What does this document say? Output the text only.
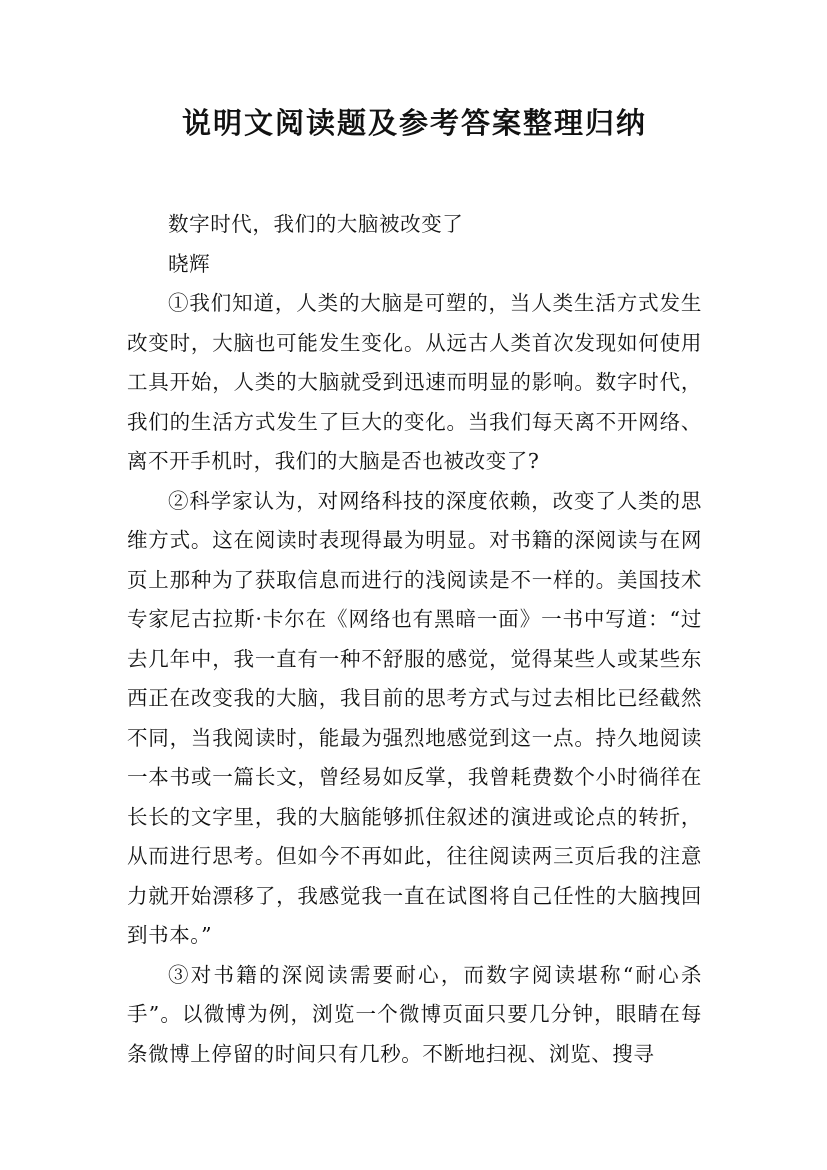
说明文阅读题及参考答案整理归纳

数字时代，我们的大脑被改变了

晓辉

①我们知道，人类的大脑是可塑的，当人类生活方式发生改变时，大脑也可能发生变化。从远古人类首次发现如何使用工具开始，人类的大脑就受到迅速而明显的影响。数字时代，我们的生活方式发生了巨大的变化。当我们每天离不开网络、离不开手机时，我们的大脑是否也被改变了?

②科学家认为，对网络科技的深度依赖，改变了人类的思维方式。这在阅读时表现得最为明显。对书籍的深阅读与在网页上那种为了获取信息而进行的浅阅读是不一样的。美国技术专家尼古拉斯·卡尔在《网络也有黑暗一面》一书中写道：“过去几年中，我一直有一种不舒服的感觉，觉得某些人或某些东西正在改变我的大脑，我目前的思考方式与过去相比已经截然不同，当我阅读时，能最为强烈地感觉到这一点。持久地阅读一本书或一篇长文，曾经易如反掌，我曾耗费数个小时徜徉在长长的文字里，我的大脑能够抓住叙述的演进或论点的转折，从而进行思考。但如今不再如此，往往阅读两三页后我的注意力就开始漂移了，我感觉我一直在试图将自己任性的大脑拽回到书本。”

③对书籍的深阅读需要耐心，而数字阅读堪称“耐心杀手”。以微博为例，浏览一个微博页面只要几分钟，眼睛在每条微博上停留的时间只有几秒。不断地扫视、浏览、搜寻
